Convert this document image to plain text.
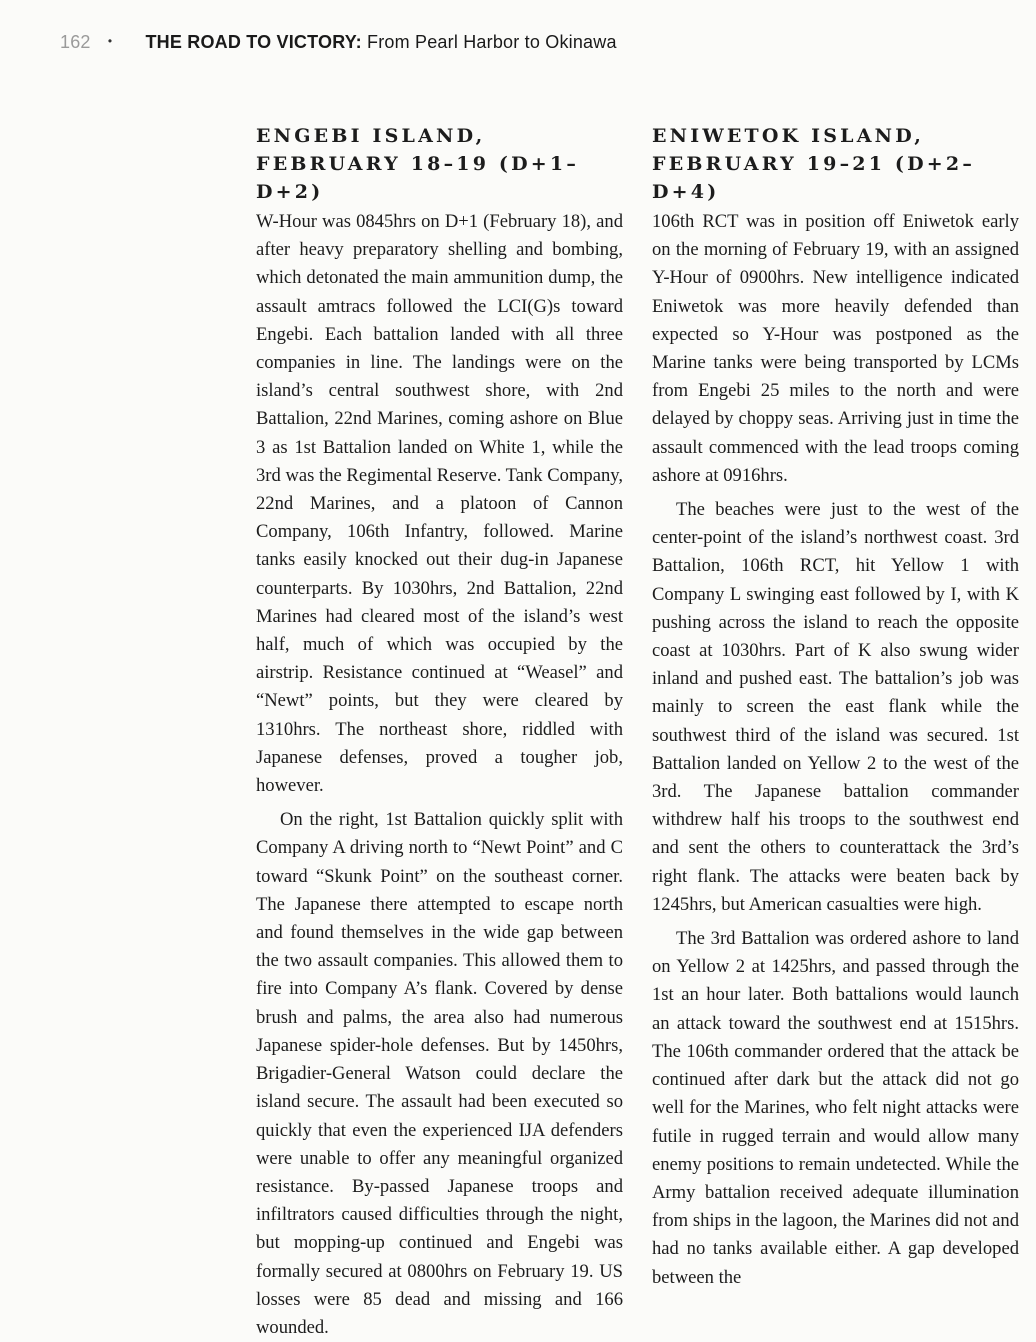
162 • THE ROAD TO VICTORY: From Pearl Harbor to Okinawa
ENGEBI ISLAND,
FEBRUARY 18–19 (D+1–D+2)

W-Hour was 0845hrs on D+1 (February 18), and after heavy preparatory shelling and bombing, which detonated the main ammunition dump, the assault amtracs followed the LCI(G)s toward Engebi. Each battalion landed with all three companies in line. The landings were on the island’s central southwest shore, with 2nd Battalion, 22nd Marines, coming ashore on Blue 3 as 1st Battalion landed on White 1, while the 3rd was the Regimental Reserve. Tank Company, 22nd Marines, and a platoon of Cannon Company, 106th Infantry, followed. Marine tanks easily knocked out their dug-in Japanese counterparts. By 1030hrs, 2nd Battalion, 22nd Marines had cleared most of the island’s west half, much of which was occupied by the airstrip. Resistance continued at “Weasel” and “Newt” points, but they were cleared by 1310hrs. The northeast shore, riddled with Japanese defenses, proved a tougher job, however.

On the right, 1st Battalion quickly split with Company A driving north to “Newt Point” and C toward “Skunk Point” on the southeast corner. The Japanese there attempted to escape north and found themselves in the wide gap between the two assault companies. This allowed them to fire into Company A’s flank. Covered by dense brush and palms, the area also had numerous Japanese spider-hole defenses. But by 1450hrs, Brigadier-General Watson could declare the island secure. The assault had been executed so quickly that even the experienced IJA defenders were unable to offer any meaningful organized resistance. By-passed Japanese troops and infiltrators caused difficulties through the night, but mopping-up continued and Engebi was formally secured at 0800hrs on February 19. US losses were 85 dead and missing and 166 wounded.

ENIWETOK ISLAND,
FEBRUARY 19–21 (D+2–D+4)

106th RCT was in position off Eniwetok early on the morning of February 19, with an assigned Y-Hour of 0900hrs. New intelligence indicated Eniwetok was more heavily defended than expected so Y-Hour was postponed as the Marine tanks were being transported by LCMs from Engebi 25 miles to the north and were delayed by choppy seas. Arriving just in time the assault commenced with the lead troops coming ashore at 0916hrs.

The beaches were just to the west of the center-point of the island’s northwest coast. 3rd Battalion, 106th RCT, hit Yellow 1 with Company L swinging east followed by I, with K pushing across the island to reach the opposite coast at 1030hrs. Part of K also swung wider inland and pushed east. The battalion’s job was mainly to screen the east flank while the southwest third of the island was secured. 1st Battalion landed on Yellow 2 to the west of the 3rd. The Japanese battalion commander withdrew half his troops to the southwest end and sent the others to counterattack the 3rd’s right flank. The attacks were beaten back by 1245hrs, but American casualties were high.

The 3rd Battalion was ordered ashore to land on Yellow 2 at 1425hrs, and passed through the 1st an hour later. Both battalions would launch an attack toward the southwest end at 1515hrs. The 106th commander ordered that the attack be continued after dark but the attack did not go well for the Marines, who felt night attacks were futile in rugged terrain and would allow many enemy positions to remain undetected. While the Army battalion received adequate illumination from ships in the lagoon, the Marines did not and had no tanks available either. A gap developed between the
